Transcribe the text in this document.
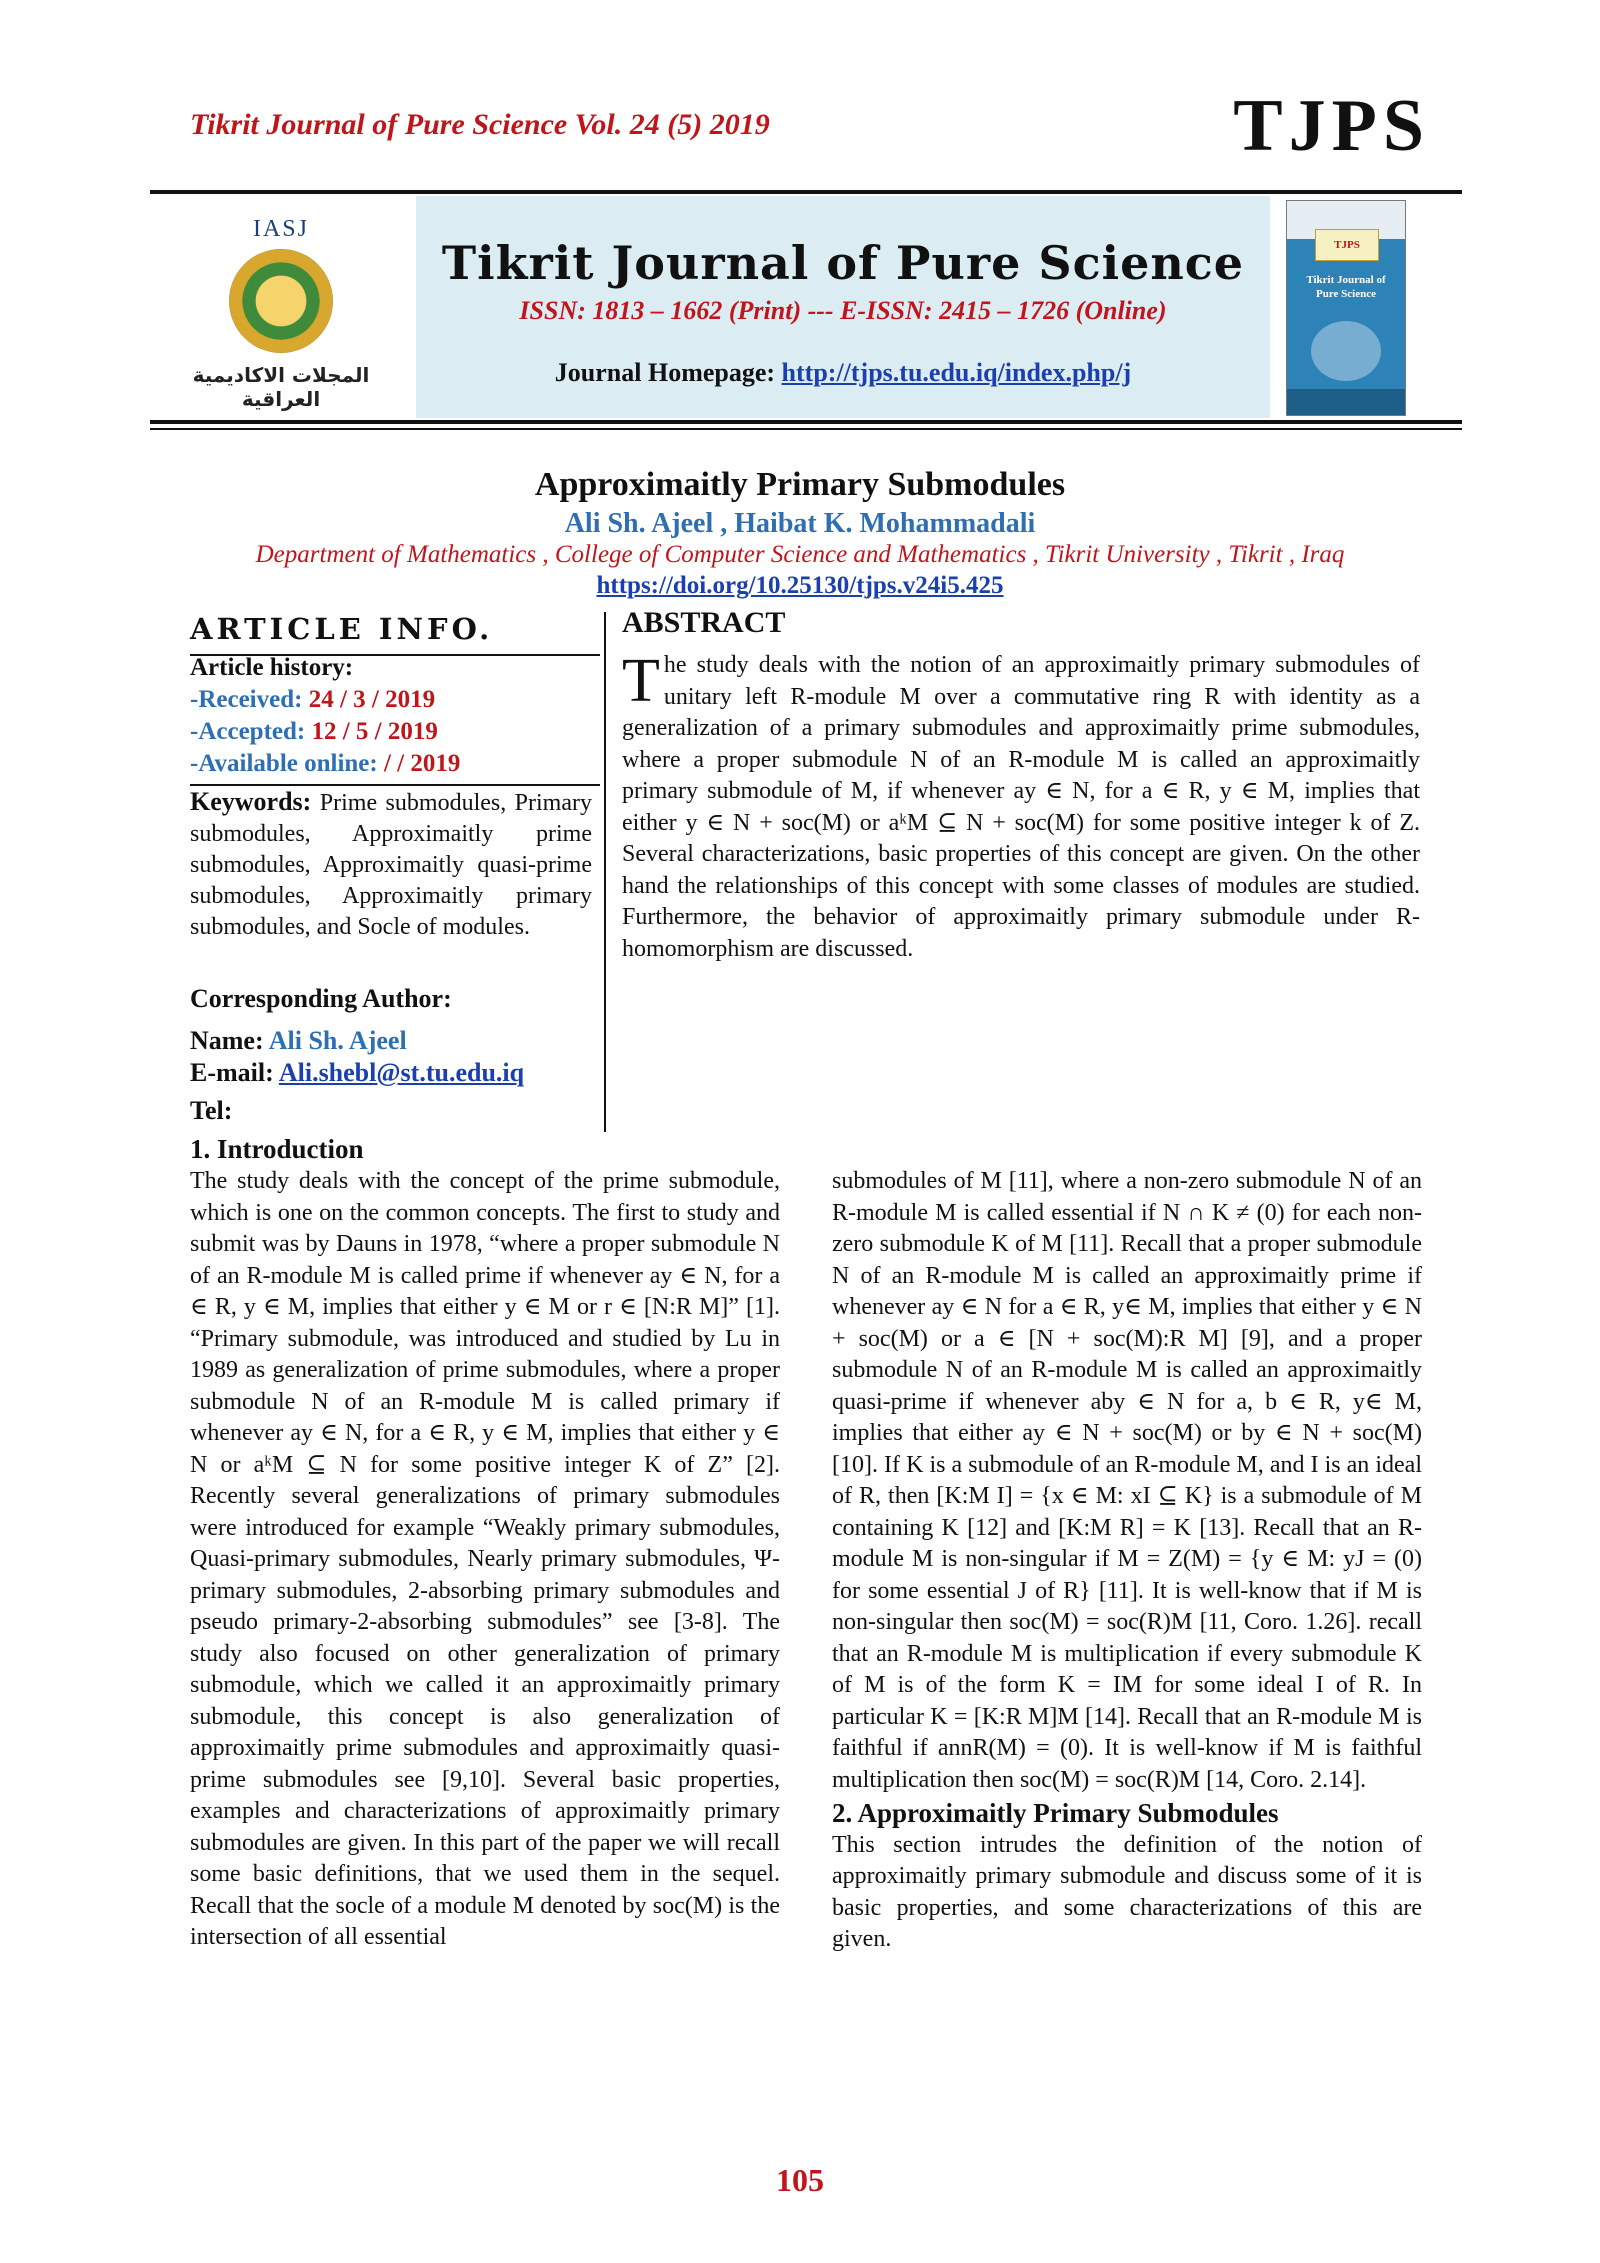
Tikrit Journal of Pure Science Vol. 24 (5) 2019	TJPS
IASJ
المجلات الاكاديمية العراقية
Tikrit Journal of Pure Science
ISSN: 1813 – 1662 (Print) --- E-ISSN: 2415 – 1726 (Online)
Journal Homepage: http://tjps.tu.edu.iq/index.php/j
TJPS
Tikrit Journal of Pure Science
Approximaitly Primary Submodules
Ali Sh. Ajeel , Haibat K. Mohammadali
Department of Mathematics , College of Computer Science and Mathematics , Tikrit University , Tikrit , Iraq
https://doi.org/10.25130/tjps.v24i5.425
ARTICLE INFO.
Article history:
-Received: 24 / 3 / 2019
-Accepted: 12 / 5 / 2019
-Available online: / / 2019
Keywords: Prime submodules, Primary submodules, Approximaitly prime submodules, Approximaitly quasi-prime submodules, Approximaitly primary submodules, and Socle of modules.
Corresponding Author:
Name: Ali Sh. Ajeel
E-mail: Ali.shebl@st.tu.edu.iq
Tel:
ABSTRACT
The study deals with the notion of an approximaitly primary submodules of unitary left R-module M over a commutative ring R with identity as a generalization of a primary submodules and approximaitly prime submodules, where a proper submodule N of an R-module M is called an approximaitly primary submodule of M, if whenever ay ∈ N, for a ∈ R, y ∈ M, implies that either y ∈ N + soc(M) or aᵏM ⊆ N + soc(M) for some positive integer k of Z. Several characterizations, basic properties of this concept are given. On the other hand the relationships of this concept with some classes of modules are studied. Furthermore, the behavior of approximaitly primary submodule under R-homomorphism are discussed.
1. Introduction
The study deals with the concept of the prime submodule, which is one on the common concepts. The first to study and submit was by Dauns in 1978, “where a proper submodule N of an R-module M is called prime if whenever ay ∈ N, for a ∈ R, y ∈ M, implies that either y ∈ M or r ∈ [N:R M]” [1]. “Primary submodule, was introduced and studied by Lu in 1989 as generalization of prime submodules, where a proper submodule N of an R-module M is called primary if whenever ay ∈ N, for a ∈ R, y ∈ M, implies that either y ∈ N or aᵏM ⊆ N for some positive integer K of Z” [2]. Recently several generalizations of primary submodules were introduced for example “Weakly primary submodules, Quasi-primary submodules, Nearly primary submodules, Ψ-primary submodules, 2-absorbing primary submodules and pseudo primary-2-absorbing submodules” see [3-8]. The study also focused on other generalization of primary submodule, which we called it an approximaitly primary submodule, this concept is also generalization of approximaitly prime submodules and approximaitly quasi-prime submodules see [9,10]. Several basic properties, examples and characterizations of approximaitly primary submodules are given. In this part of the paper we will recall some basic definitions, that we used them in the sequel. Recall that the socle of a module M denoted by soc(M) is the intersection of all essential
submodules of M [11], where a non-zero submodule N of an R-module M is called essential if N ∩ K ≠ (0) for each non-zero submodule K of M [11]. Recall that a proper submodule N of an R-module M is called an approximaitly prime if whenever ay ∈ N for a ∈ R, y∈ M, implies that either y ∈ N + soc(M) or a ∈ [N + soc(M):R M] [9], and a proper submodule N of an R-module M is called an approximaitly quasi-prime if whenever aby ∈ N for a, b ∈ R, y∈ M, implies that either ay ∈ N + soc(M) or by ∈ N + soc(M) [10]. If K is a submodule of an R-module M, and I is an ideal of R, then [K:M I] = {x ∈ M: xI ⊆ K} is a submodule of M containing K [12] and [K:M R] = K [13]. Recall that an R-module M is non-singular if M = Z(M) = {y ∈ M: yJ = (0) for some essential J of R} [11]. It is well-know that if M is non-singular then soc(M) = soc(R)M [11, Coro. 1.26]. recall that an R-module M is multiplication if every submodule K of M is of the form K = IM for some ideal I of R. In particular K = [K:R M]M [14]. Recall that an R-module M is faithful if annR(M) = (0). It is well-know if M is faithful multiplication then soc(M) = soc(R)M [14, Coro. 2.14].
2. Approximaitly Primary Submodules
This section intrudes the definition of the notion of approximaitly primary submodule and discuss some of it is basic properties, and some characterizations of this are given.
105
